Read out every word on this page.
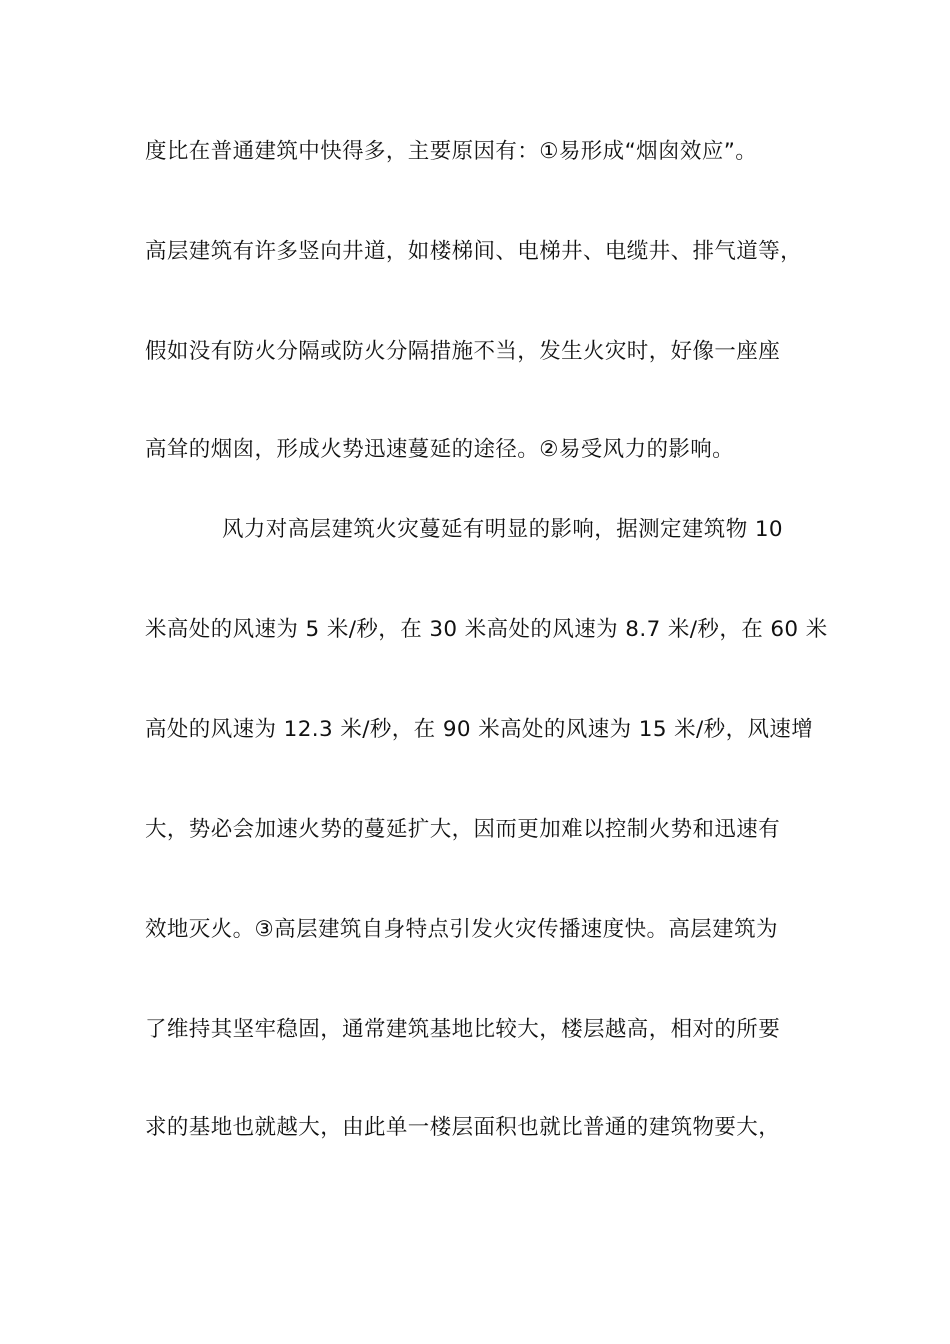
度比在普通建筑中快得多，主要原因有：①易形成“烟囱效应”。
高层建筑有许多竖向井道，如楼梯间、电梯井、电缆井、排气道等，
假如没有防火分隔或防火分隔措施不当，发生火灾时，好像一座座
高耸的烟囱，形成火势迅速蔓延的途径。②易受风力的影响。
风力对高层建筑火灾蔓延有明显的影响，据测定建筑物 10
米高处的风速为 5 米/秒，在 30 米高处的风速为 8.7 米/秒，在 60 米
高处的风速为 12.3 米/秒，在 90 米高处的风速为 15 米/秒，风速增
大，势必会加速火势的蔓延扩大，因而更加难以控制火势和迅速有
效地灭火。③高层建筑自身特点引发火灾传播速度快。高层建筑为
了维持其坚牢稳固，通常建筑基地比较大，楼层越高，相对的所要
求的基地也就越大，由此单一楼层面积也就比普通的建筑物要大，
